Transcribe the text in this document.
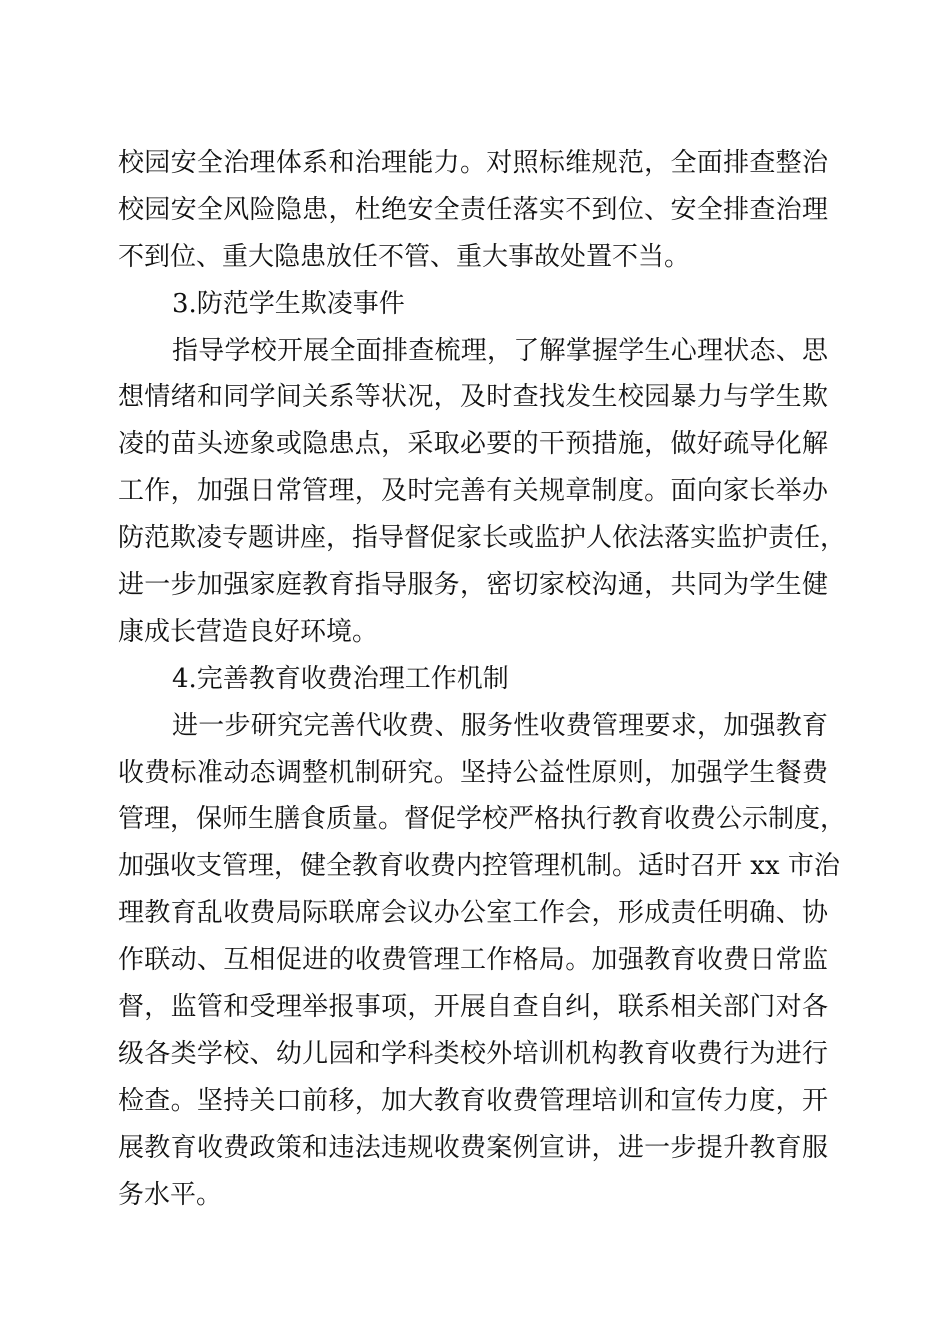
校园安全治理体系和治理能力。对照标维规范，全面排查整治
校园安全风险隐患，杜绝安全责任落实不到位、安全排查治理
不到位、重大隐患放任不管、重大事故处置不当。
3.防范学生欺凌事件
指导学校开展全面排查梳理，了解掌握学生心理状态、思
想情绪和同学间关系等状况，及时查找发生校园暴力与学生欺
凌的苗头迹象或隐患点，采取必要的干预措施，做好疏导化解
工作，加强日常管理，及时完善有关规章制度。面向家长举办
防范欺凌专题讲座，指导督促家长或监护人依法落实监护责任，
进一步加强家庭教育指导服务，密切家校沟通，共同为学生健
康成长营造良好环境。
4.完善教育收费治理工作机制
进一步研究完善代收费、服务性收费管理要求，加强教育
收费标准动态调整机制研究。坚持公益性原则，加强学生餐费
管理，保师生膳食质量。督促学校严格执行教育收费公示制度，
加强收支管理，健全教育收费内控管理机制。适时召开 xx 市治
理教育乱收费局际联席会议办公室工作会，形成责任明确、协
作联动、互相促进的收费管理工作格局。加强教育收费日常监
督，监管和受理举报事项，开展自查自纠，联系相关部门对各
级各类学校、幼儿园和学科类校外培训机构教育收费行为进行
检查。坚持关口前移，加大教育收费管理培训和宣传力度，开
展教育收费政策和违法违规收费案例宣讲，进一步提升教育服
务水平。
